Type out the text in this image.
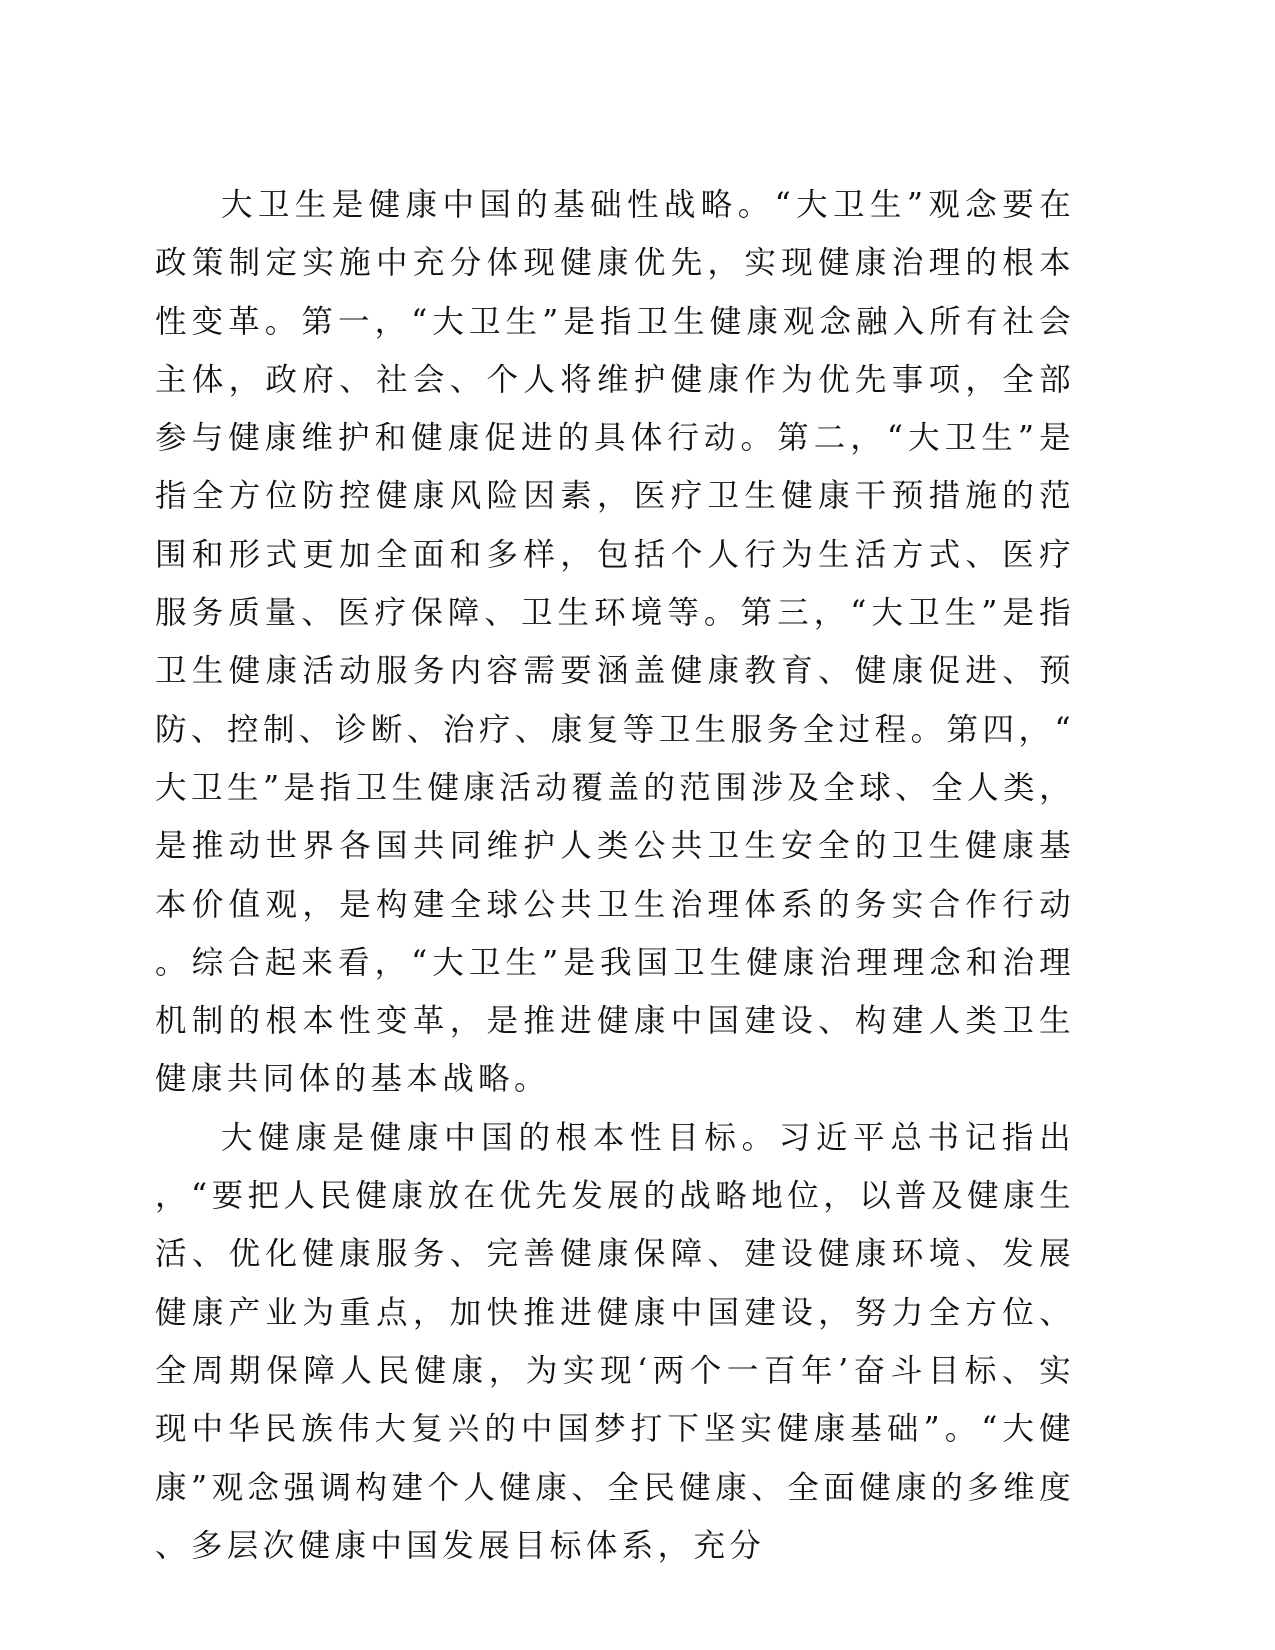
大卫生是健康中国的基础性战略。“大卫生”观念要在政策制定实施中充分体现健康优先，实现健康治理的根本性变革。第一，“大卫生”是指卫生健康观念融入所有社会主体，政府、社会、个人将维护健康作为优先事项，全部参与健康维护和健康促进的具体行动。第二，“大卫生”是指全方位防控健康风险因素，医疗卫生健康干预措施的范围和形式更加全面和多样，包括个人行为生活方式、医疗服务质量、医疗保障、卫生环境等。第三，“大卫生”是指卫生健康活动服务内容需要涵盖健康教育、健康促进、预防、控制、诊断、治疗、康复等卫生服务全过程。第四，“大卫生”是指卫生健康活动覆盖的范围涉及全球、全人类，是推动世界各国共同维护人类公共卫生安全的卫生健康基本价值观，是构建全球公共卫生治理体系的务实合作行动。综合起来看，“大卫生”是我国卫生健康治理理念和治理机制的根本性变革，是推进健康中国建设、构建人类卫生健康共同体的基本战略。

大健康是健康中国的根本性目标。习近平总书记指出，“要把人民健康放在优先发展的战略地位，以普及健康生活、优化健康服务、完善健康保障、建设健康环境、发展健康产业为重点，加快推进健康中国建设，努力全方位、全周期保障人民健康，为实现‘两个一百年’奋斗目标、实现中华民族伟大复兴的中国梦打下坚实健康基础”。“大健康”观念强调构建个人健康、全民健康、全面健康的多维度、多层次健康中国发展目标体系，充分
